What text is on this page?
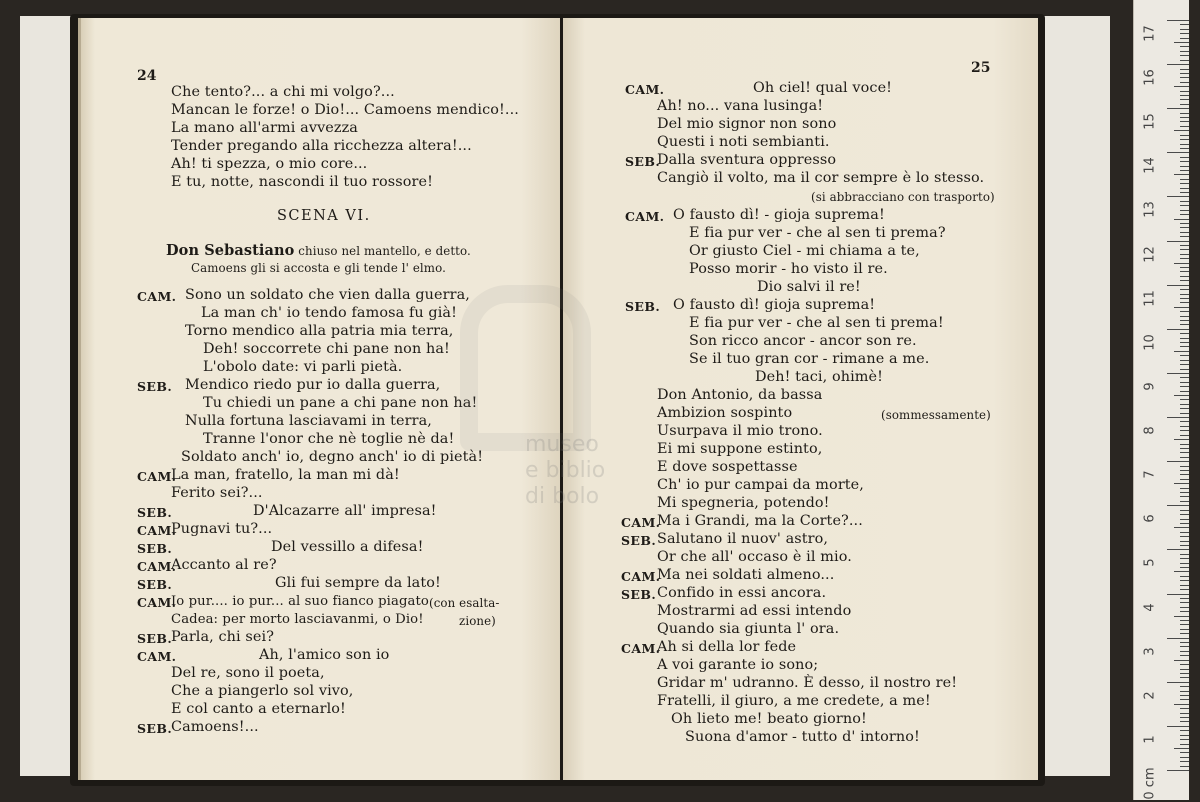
24
Che tento?... a chi mi volgo?...
Mancan le forze! o Dio!... Camoens mendico!...
La mano all'armi avvezza
Tender pregando alla ricchezza altera!...
Ah! ti spezza, o mio core...
E tu, notte, nascondi il tuo rossore!
SCENA VI.
Don Sebastiano chiuso nel mantello, e detto.
Camoens gli si accosta e gli tende l' elmo.
CAM. Sono un soldato che vien dalla guerra,
La man ch' io tendo famosa fu già!
Torno mendico alla patria mia terra,
Deh! soccorrete chi pane non ha!
L'obolo date: vi parli pietà.
SEB. Mendico riedo pur io dalla guerra,
Tu chiedi un pane a chi pane non ha!
Nulla fortuna lasciavami in terra,
Tranne l'onor che nè toglie nè da!
Soldato anch' io, degno anch' io di pietà!
CAM.
La man, fratello, la man mi dà!
Ferito sei?...
SEB.	D'Alcazarre all' impresa!
CAM.
Pugnavi tu?...
SEB.	Del vessillo a difesa!
CAM.
Accanto al re?
SEB.	Gli fui sempre da lato!
CAM.
Io pur.... io pur... al suo fianco piagato (con esalta-
Cadea: per morto lasciavanmi, o Dio!	zione)
SEB.
Parla, chi sei?
CAM.	Ah, l'amico son io
Del re, sono il poeta,
Che a piangerlo sol vivo,
E col canto a eternarlo!
SEB.
Camoens!...
25
CAM.	Oh ciel! qual voce!
Ah! no... vana lusinga!
Del mio signor non sono
Questi i noti sembianti.
SEB.
Dalla sventura oppresso
Cangiò il volto, ma il cor sempre è lo stesso.
(si abbracciano con trasporto)
CAM. O fausto dì! - gioja suprema!
E fia pur ver - che al sen ti prema?
Or giusto Ciel - mi chiama a te,
Posso morir - ho visto il re.
Dio salvi il re!
SEB. O fausto dì! gioja suprema!
E fia pur ver - che al sen ti prema!
Son ricco ancor - ancor son re.
Se il tuo gran cor - rimane a me.
Deh! taci, ohimè!
Don Antonio, da bassa
Ambizion sospinto	(sommessamente)
Usurpava il mio trono.
Ei mi suppone estinto,
E dove sospettasse
Ch' io pur campai da morte,
Mi spegneria, potendo!
CAM.
Ma i Grandi, ma la Corte?...
SEB. Salutano il nuov' astro,
Or che all' occaso è il mio.
CAM.
Ma nei soldati almeno...
SEB. Confido in essi ancora.
Mostrarmi ad essi intendo
Quando sia giunta l' ora.
CAM.
Ah si della lor fede
A voi garante io sono;
Gridar m' udranno. È desso, il nostro re!
Fratelli, il giuro, a me credete, a me!
Oh lieto me! beato giorno!
Suona d'amor - tutto d' intorno!
museo
e biblio
di bolo
17
16
15
14
13
12
11
10
9
8
7
6
5
4
3
2
1
0 cm
